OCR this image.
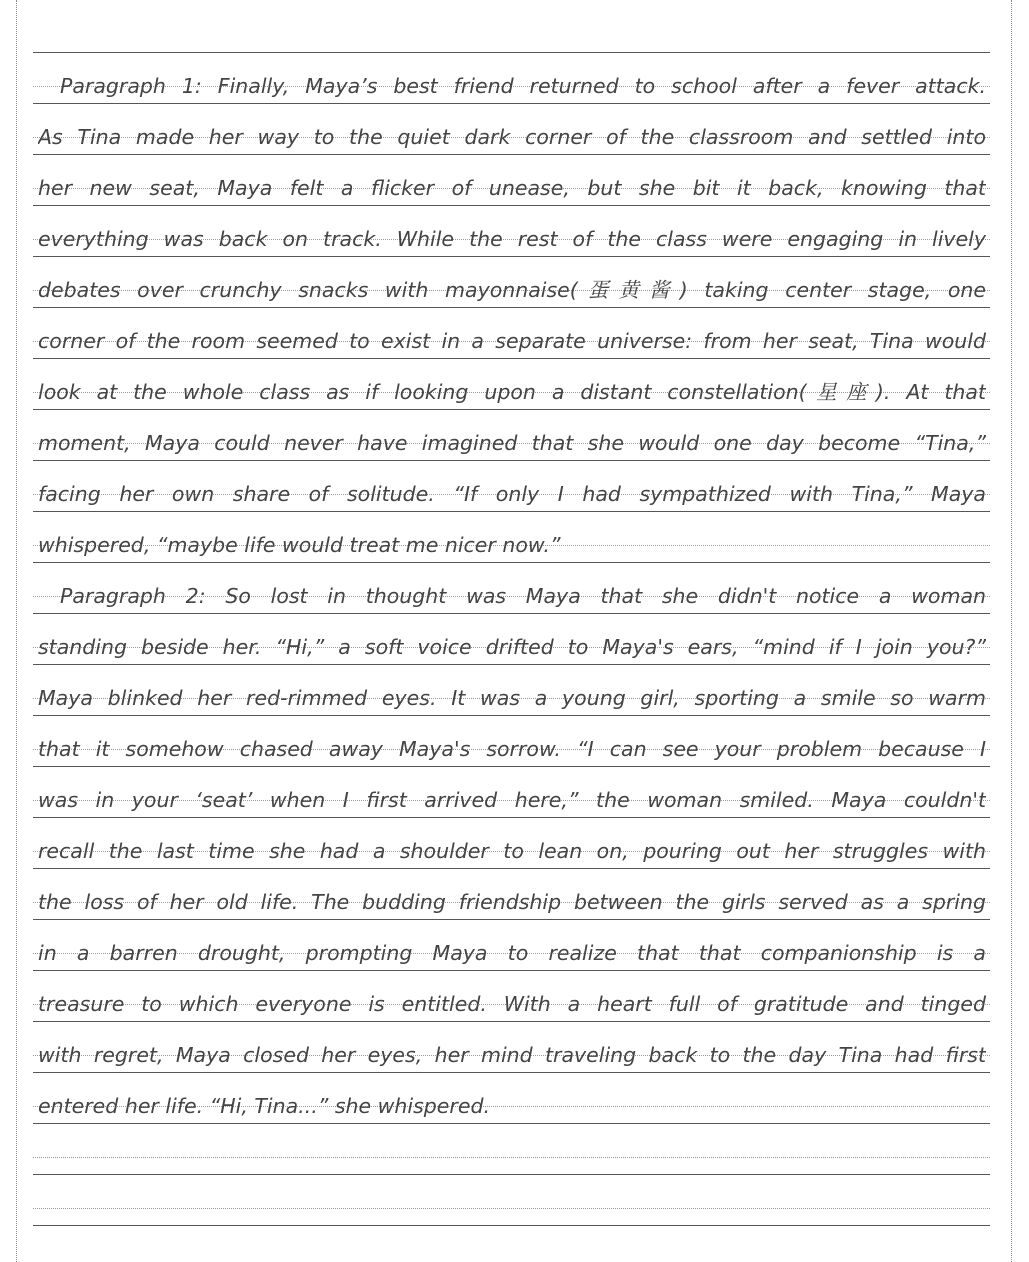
Paragraph 1: Finally, Maya’s best friend returned to school after a fever attack.
As Tina made her way to the quiet dark corner of the classroom and settled into
her new seat, Maya felt a flicker of unease, but she bit it back, knowing that
everything was back on track. While the rest of the class were engaging in lively
debates over crunchy snacks with mayonnaise(蛋黄酱) taking center stage, one
corner of the room seemed to exist in a separate universe: from her seat, Tina would
look at the whole class as if looking upon a distant constellation(星座). At that
moment, Maya could never have imagined that she would one day become “Tina,”
facing her own share of solitude. “If only I had sympathized with Tina,” Maya
whispered, “maybe life would treat me nicer now.”
Paragraph 2: So lost in thought was Maya that she didn't notice a woman
standing beside her. “Hi,” a soft voice drifted to Maya's ears, “mind if I join you?”
Maya blinked her red-rimmed eyes. It was a young girl, sporting a smile so warm
that it somehow chased away Maya's sorrow. “I can see your problem because I
was in your ‘seat’ when I first arrived here,” the woman smiled. Maya couldn't
recall the last time she had a shoulder to lean on, pouring out her struggles with
the loss of her old life. The budding friendship between the girls served as a spring
in a barren drought, prompting Maya to realize that that companionship is a
treasure to which everyone is entitled. With a heart full of gratitude and tinged
with regret, Maya closed her eyes, her mind traveling back to the day Tina had first
entered her life. “Hi, Tina...” she whispered.
